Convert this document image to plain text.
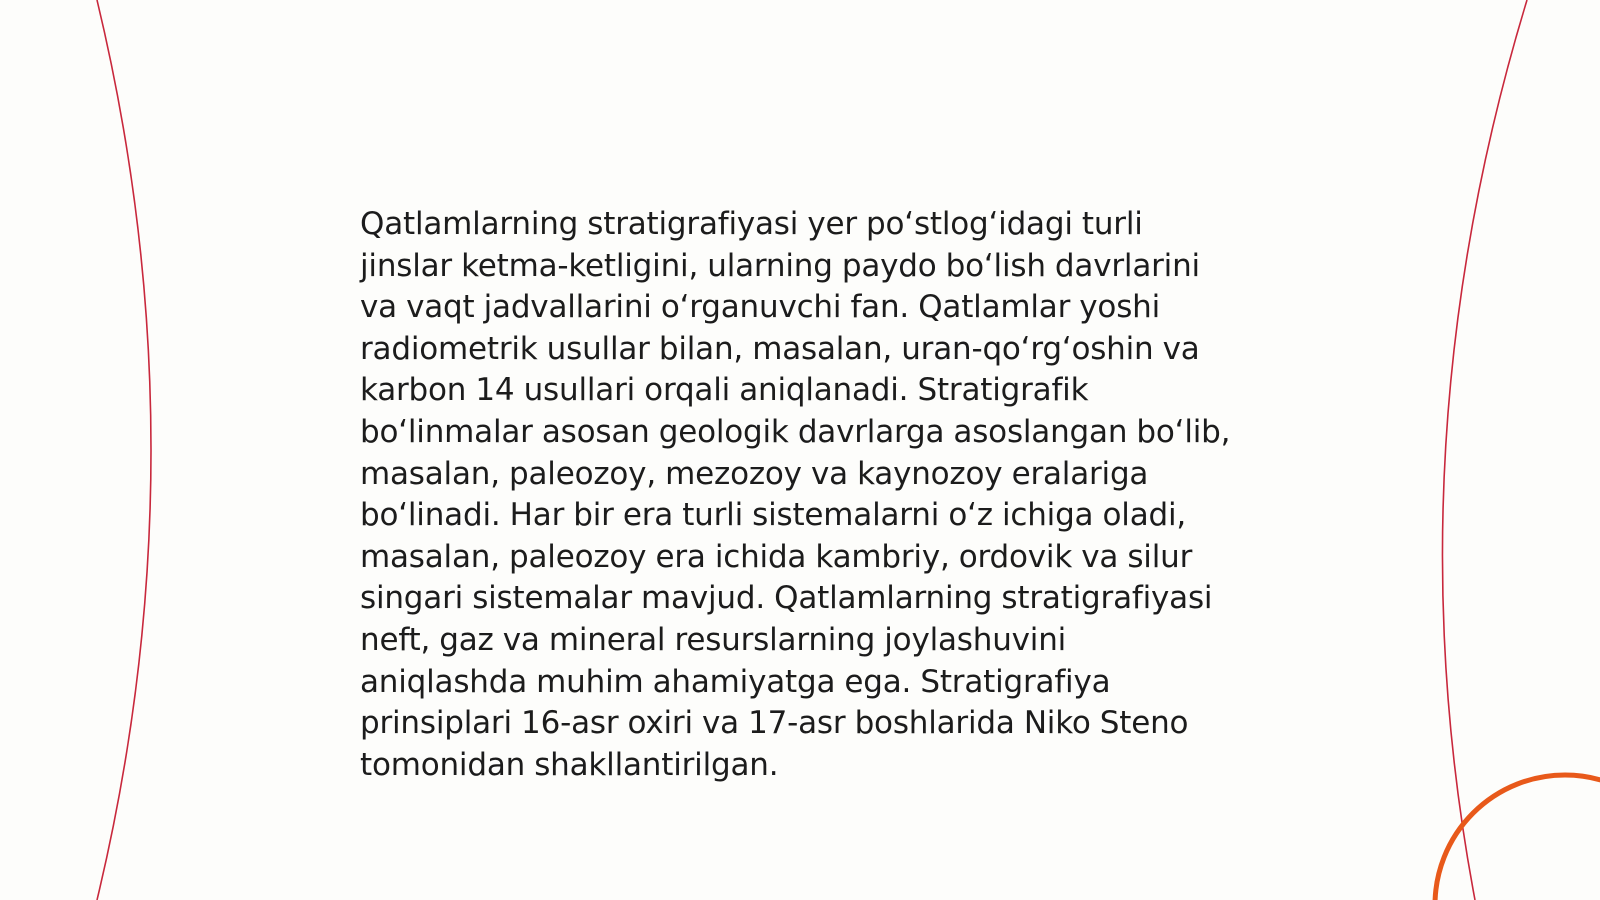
Qatlamlarning stratigrafiyasi yer poʻstlogʻidagi turli jinslar ketma-ketligini, ularning paydo boʻlish davrlarini va vaqt jadvallarini oʻrganuvchi fan. Qatlamlar yoshi radiometrik usullar bilan, masalan, uran-qoʻrgʻoshin va karbon 14 usullari orqali aniqlanadi. Stratigrafik boʻlinmalar asosan geologik davrlarga asoslangan boʻlib, masalan, paleozoy, mezozoy va kaynozoy eralariga boʻlinadi. Har bir era turli sistemalarni oʻz ichiga oladi, masalan, paleozoy era ichida kambriy, ordovik va silur singari sistemalar mavjud. Qatlamlarning stratigrafiyasi neft, gaz va mineral resurslarning joylashuvini aniqlashda muhim ahamiyatga ega. Stratigrafiya prinsiplari 16-asr oxiri va 17-asr boshlarida Niko Steno tomonidan shakllantirilgan.
